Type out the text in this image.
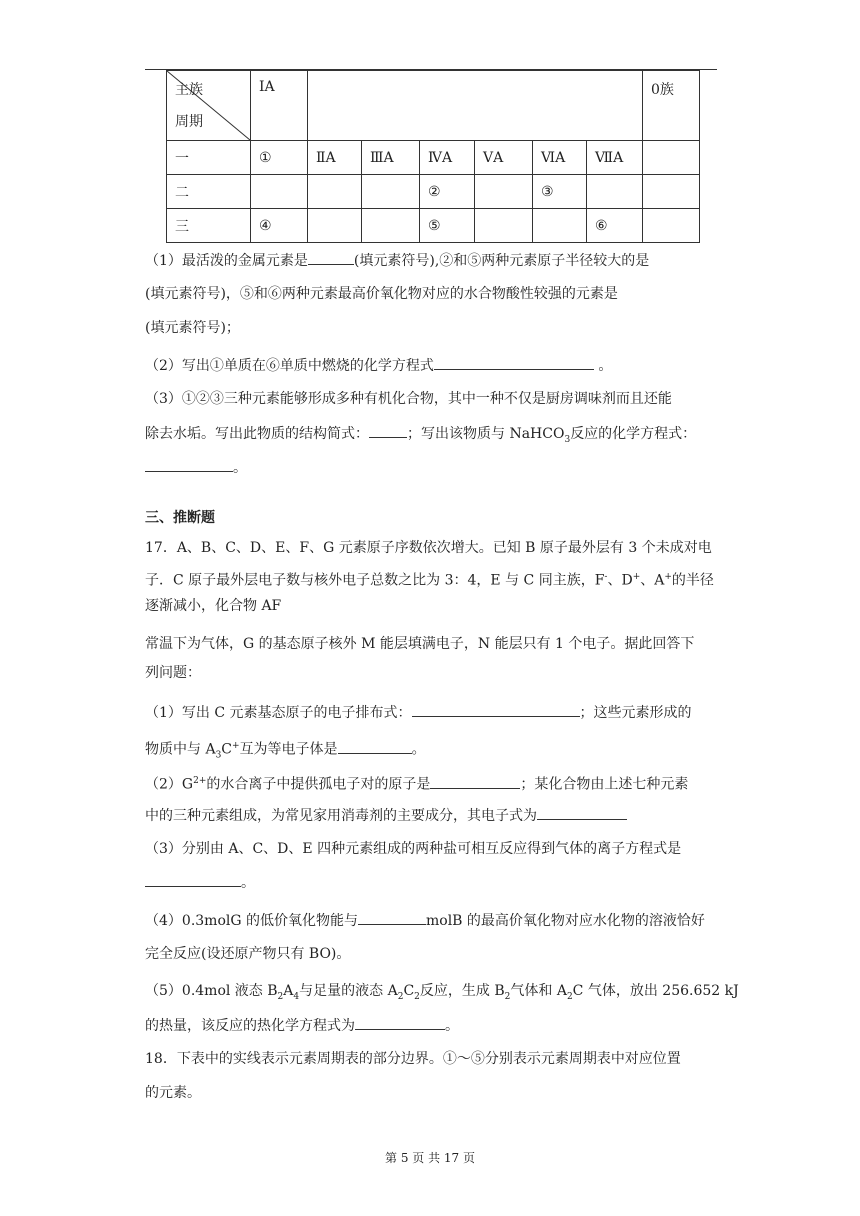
主族
周期	ⅠA							0族
一	①	ⅡA	ⅢA	ⅣA	ⅤA	ⅥA	ⅦA	
二				②		③		
三	④			⑤			⑥	
（1）最活泼的金属元素是	(填元素符号),②和⑤两种元素原子半径较大的是
(填元素符号)，⑤和⑥两种元素最高价氧化物对应的水合物酸性较强的元素是
(填元素符号)；
（2）写出①单质在⑥单质中燃烧的化学方程式	。
（3）①②③三种元素能够形成多种有机化合物，其中一种不仅是厨房调味剂而且还能
除去水垢。写出此物质的结构简式：	；写出该物质与 NaHCO$_3$反应的化学方程式：
。
三、推断题
17．A、B、C、D、E、F、G 元素原子序数依次增大。已知 B 原子最外层有 3 个未成对电
子．C 原子最外层电子数与核外电子总数之比为 3：4，E 与 C 同主族，F-、D+、A+的半径
逐渐减小，化合物 AF
常温下为气体，G 的基态原子核外 M 能层填满电子，N 能层只有 1 个电子。据此回答下
列问题：
（1）写出 C 元素基态原子的电子排布式：	；这些元素形成的
物质中与 $A_3C^+$互为等电子体是	。
$(2)G^{2+}$的水合离子中提供孤电子对的原子是	；某化合物由上述七种元素
中的三种元素组成，为常见家用消毒剂的主要成分，其电子式为
（3）分别由 A、C、D、E 四种元素组成的两种盐可相互反应得到气体的离子方程式是
。
（4）0.3molG 的低价氧化物能与	molB 的最高价氧化物对应水化物的溶液恰好
完全反应(设还原产物只有 BO)。
（5）0.4mol 液态 $B_2A_4$与足量的液态 $A_2C_2$反应，生成 $B_2$气体和 $A_2C$ 气体，放出 256.652 kJ
的热量，该反应的热化学方程式为	。
18．下表中的实线表示元素周期表的部分边界。①～⑤分别表示元素周期表中对应位置
的元素。
第 5 页 共 17 页
